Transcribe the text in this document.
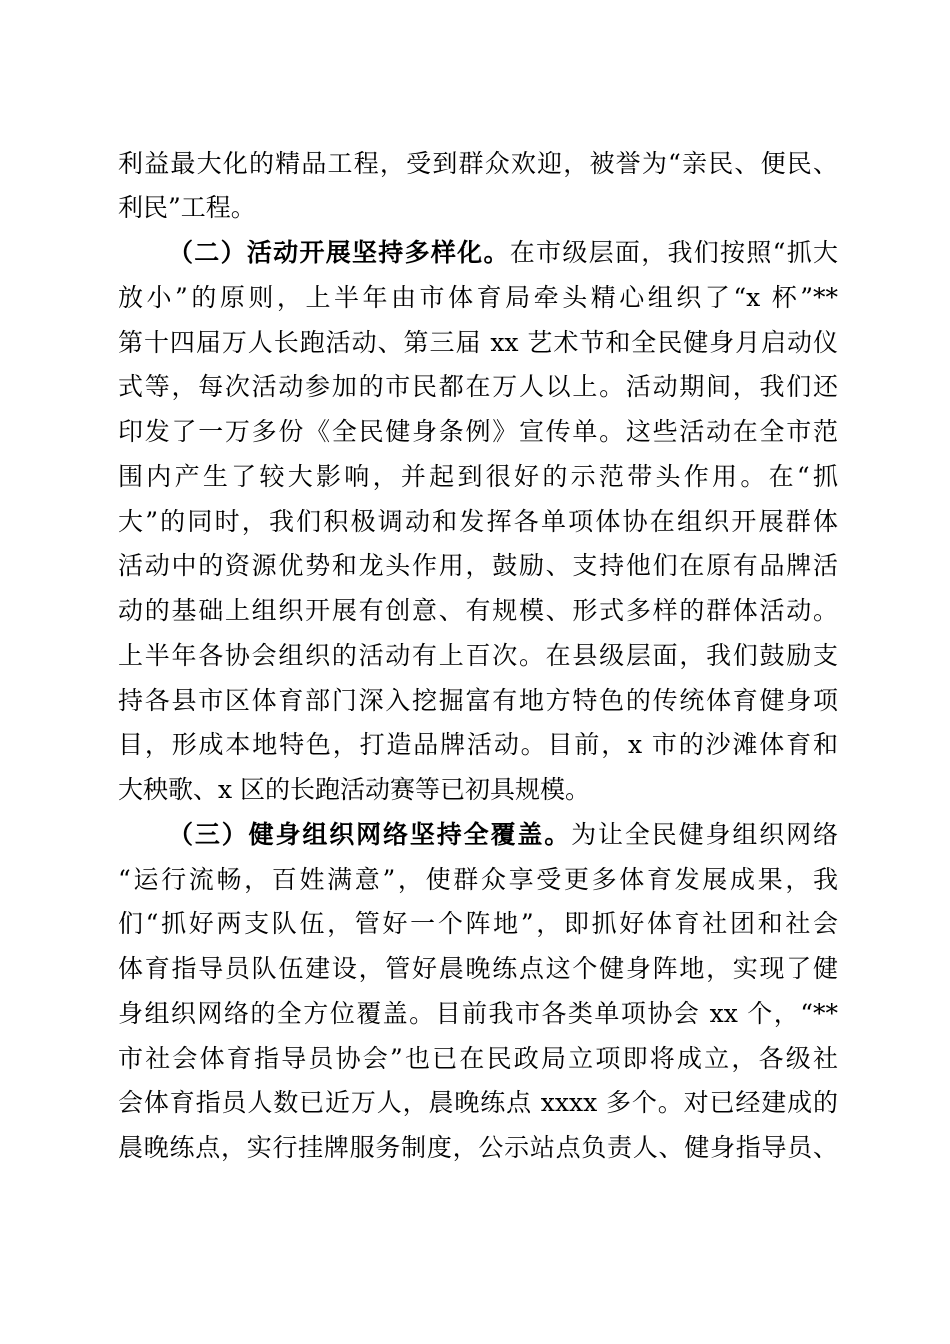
利益最大化的精品工程，受到群众欢迎，被誉为“亲民、便民、
利民”工程。
（二）活动开展坚持多样化。在市级层面，我们按照“抓大
放小”的原则，上半年由市体育局牵头精心组织了“x 杯”**
第十四届万人长跑活动、第三届 xx 艺术节和全民健身月启动仪
式等，每次活动参加的市民都在万人以上。活动期间，我们还
印发了一万多份《全民健身条例》宣传单。这些活动在全市范
围内产生了较大影响，并起到很好的示范带头作用。在“抓
大”的同时，我们积极调动和发挥各单项体协在组织开展群体
活动中的资源优势和龙头作用，鼓励、支持他们在原有品牌活
动的基础上组织开展有创意、有规模、形式多样的群体活动。
上半年各协会组织的活动有上百次。在县级层面，我们鼓励支
持各县市区体育部门深入挖掘富有地方特色的传统体育健身项
目，形成本地特色，打造品牌活动。目前，x 市的沙滩体育和
大秧歌、x 区的长跑活动赛等已初具规模。
（三）健身组织网络坚持全覆盖。为让全民健身组织网络
“运行流畅，百姓满意”，使群众享受更多体育发展成果，我
们“抓好两支队伍，管好一个阵地”，即抓好体育社团和社会
体育指导员队伍建设，管好晨晚练点这个健身阵地，实现了健
身组织网络的全方位覆盖。目前我市各类单项协会 xx 个，“**
市社会体育指导员协会”也已在民政局立项即将成立，各级社
会体育指员人数已近万人，晨晚练点 xxxx 多个。对已经建成的
晨晚练点，实行挂牌服务制度，公示站点负责人、健身指导员、
